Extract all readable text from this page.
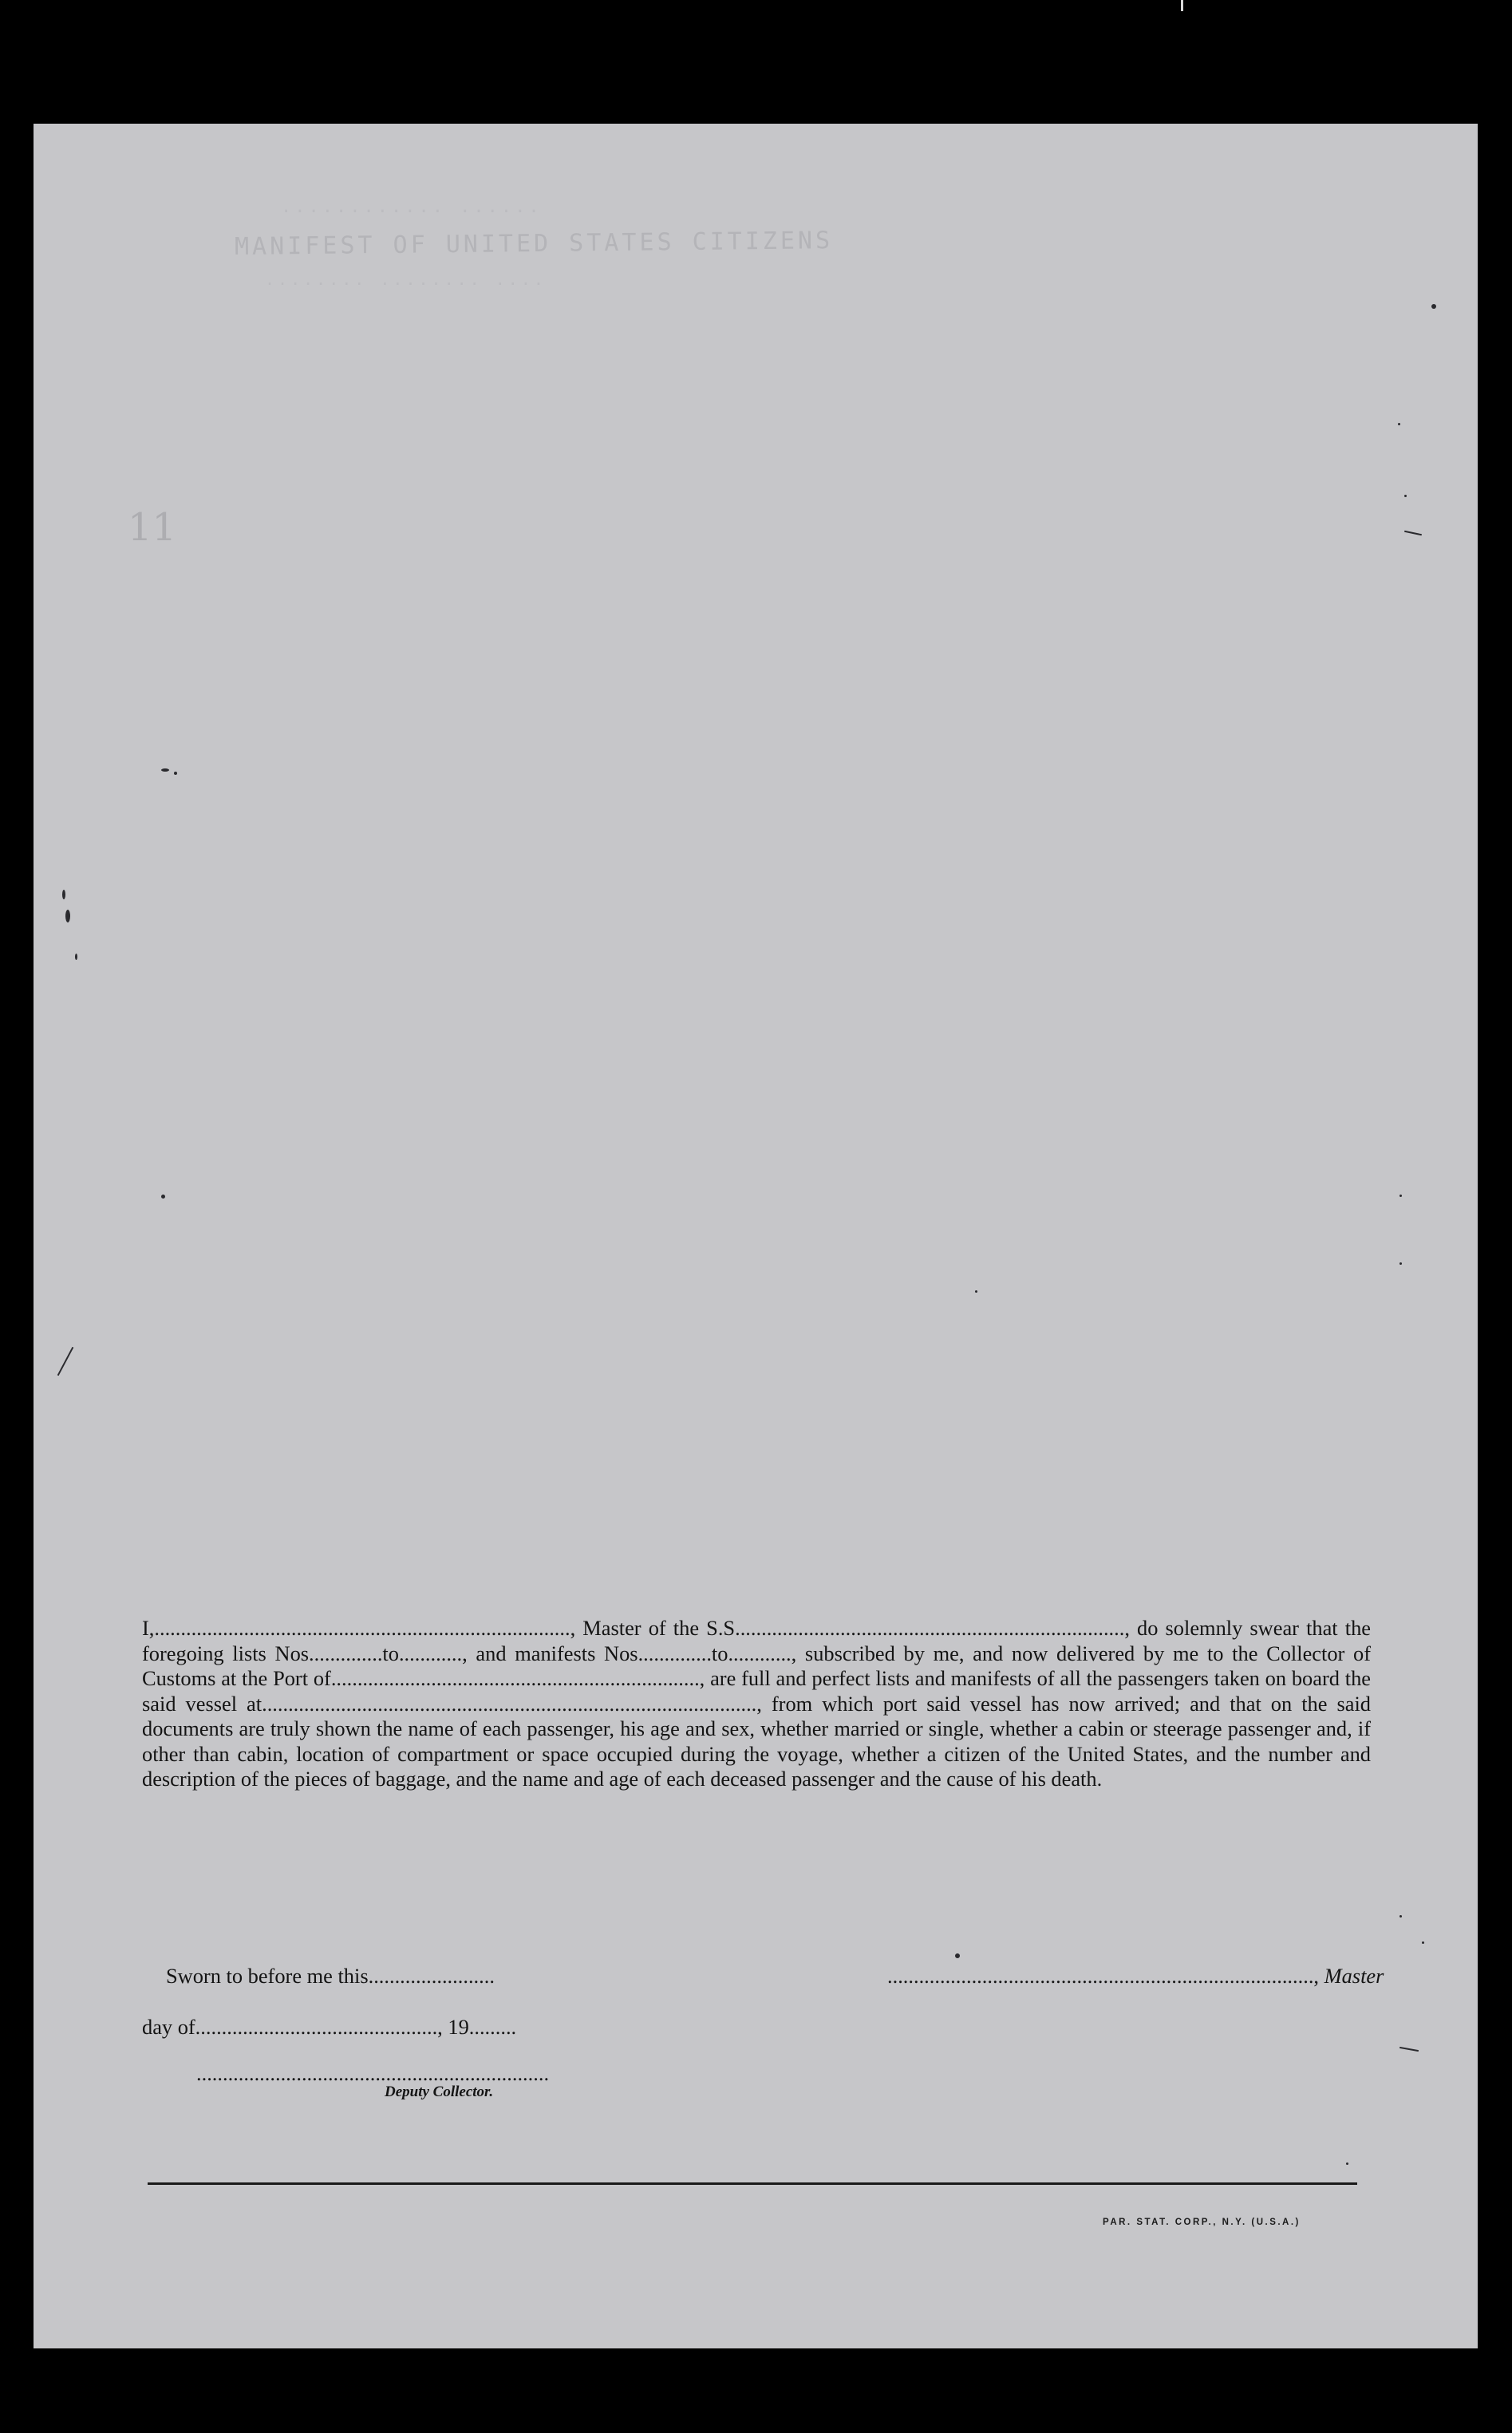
............ ......
MANIFEST OF UNITED STATES CITIZENS
........ ........ ....
11

I,..............................................................................., Master of the S.S.........................................................................., do solemnly swear that the foregoing lists Nos..............to............, and manifests Nos..............to............, subscribed by me, and now delivered by me to the Collector of Customs at the Port of......................................................................, are full and perfect lists and manifests of all the passengers taken on board the said vessel at.............................................................................................., from which port said vessel has now arrived; and that on the said documents are truly shown the name of each passenger, his age and sex, whether married or single, whether a cabin or steerage passenger and, if other than cabin, location of compartment or space occupied during the voyage, whether a citizen of the United States, and the number and description of the pieces of baggage, and the name and age of each deceased passenger and the cause of his death.

Sworn to before me this........................	................................................................................., Master
day of.............................................., 19.........
...................................................................
Deputy Collector.
PAR. STAT. CORP., N.Y. (U.S.A.)
